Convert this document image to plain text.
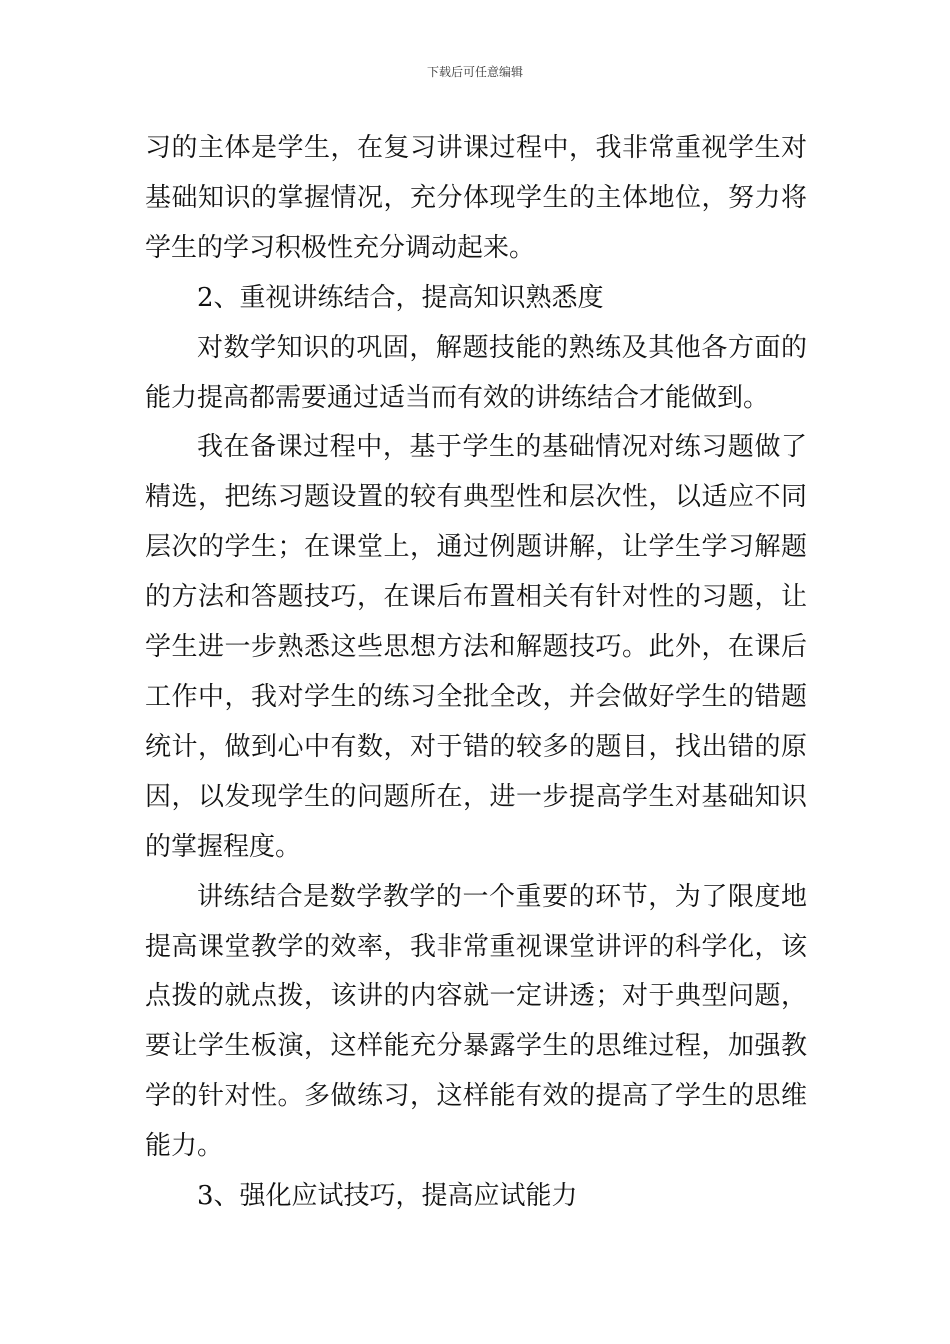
下载后可任意编辑

习的主体是学生，在复习讲课过程中，我非常重视学生对基础知识的掌握情况，充分体现学生的主体地位，努力将学生的学习积极性充分调动起来。

2、重视讲练结合，提高知识熟悉度

对数学知识的巩固，解题技能的熟练及其他各方面的能力提高都需要通过适当而有效的讲练结合才能做到。

我在备课过程中，基于学生的基础情况对练习题做了精选，把练习题设置的较有典型性和层次性，以适应不同层次的学生；在课堂上，通过例题讲解，让学生学习解题的方法和答题技巧，在课后布置相关有针对性的习题，让学生进一步熟悉这些思想方法和解题技巧。此外，在课后工作中，我对学生的练习全批全改，并会做好学生的错题统计，做到心中有数，对于错的较多的题目，找出错的原因，以发现学生的问题所在，进一步提高学生对基础知识的掌握程度。

讲练结合是数学教学的一个重要的环节，为了限度地提高课堂教学的效率，我非常重视课堂讲评的科学化，该点拨的就点拨，该讲的内容就一定讲透；对于典型问题，要让学生板演，这样能充分暴露学生的思维过程，加强教学的针对性。多做练习，这样能有效的提高了学生的思维能力。

3、强化应试技巧，提高应试能力
